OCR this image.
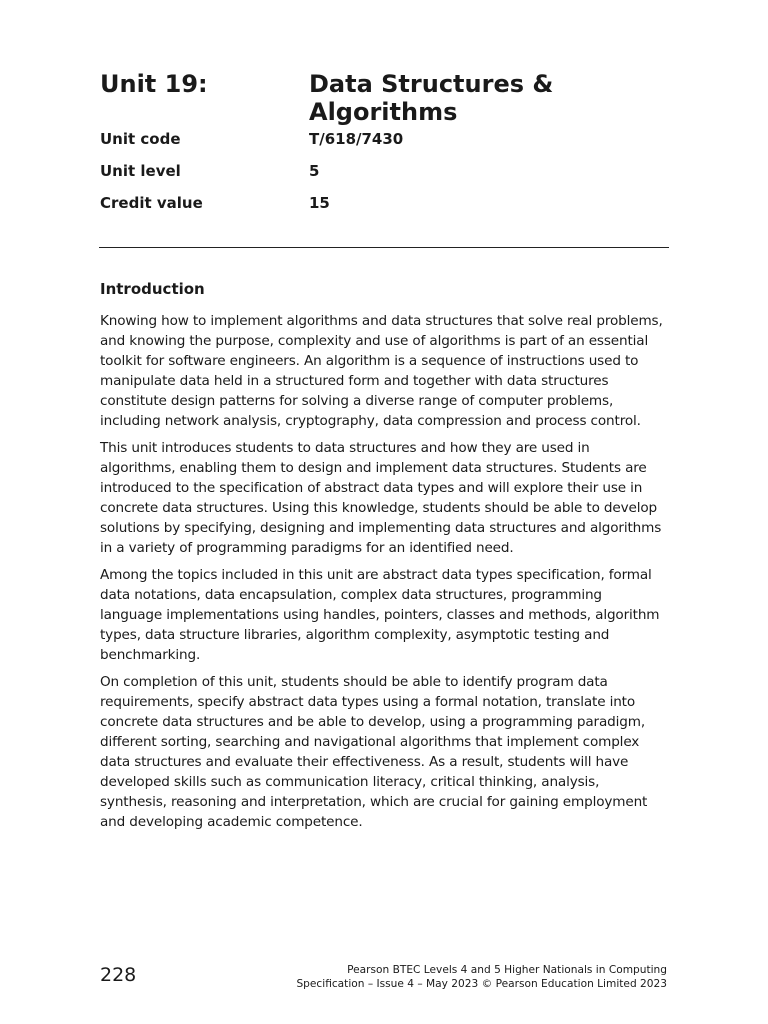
Unit 19:	Data Structures & Algorithms
Unit code	T/618/7430
Unit level	5
Credit value	15
Introduction

Knowing how to implement algorithms and data structures that solve real problems, and knowing the purpose, complexity and use of algorithms is part of an essential toolkit for software engineers. An algorithm is a sequence of instructions used to manipulate data held in a structured form and together with data structures constitute design patterns for solving a diverse range of computer problems, including network analysis, cryptography, data compression and process control.

This unit introduces students to data structures and how they are used in algorithms, enabling them to design and implement data structures. Students are introduced to the specification of abstract data types and will explore their use in concrete data structures. Using this knowledge, students should be able to develop solutions by specifying, designing and implementing data structures and algorithms in a variety of programming paradigms for an identified need.

Among the topics included in this unit are abstract data types specification, formal data notations, data encapsulation, complex data structures, programming language implementations using handles, pointers, classes and methods, algorithm types, data structure libraries, algorithm complexity, asymptotic testing and benchmarking.

On completion of this unit, students should be able to identify program data requirements, specify abstract data types using a formal notation, translate into concrete data structures and be able to develop, using a programming paradigm, different sorting, searching and navigational algorithms that implement complex data structures and evaluate their effectiveness. As a result, students will have developed skills such as communication literacy, critical thinking, analysis, synthesis, reasoning and interpretation, which are crucial for gaining employment and developing academic competence.

228	Pearson BTEC Levels 4 and 5 Higher Nationals in Computing
Specification – Issue 4 – May 2023 © Pearson Education Limited 2023
